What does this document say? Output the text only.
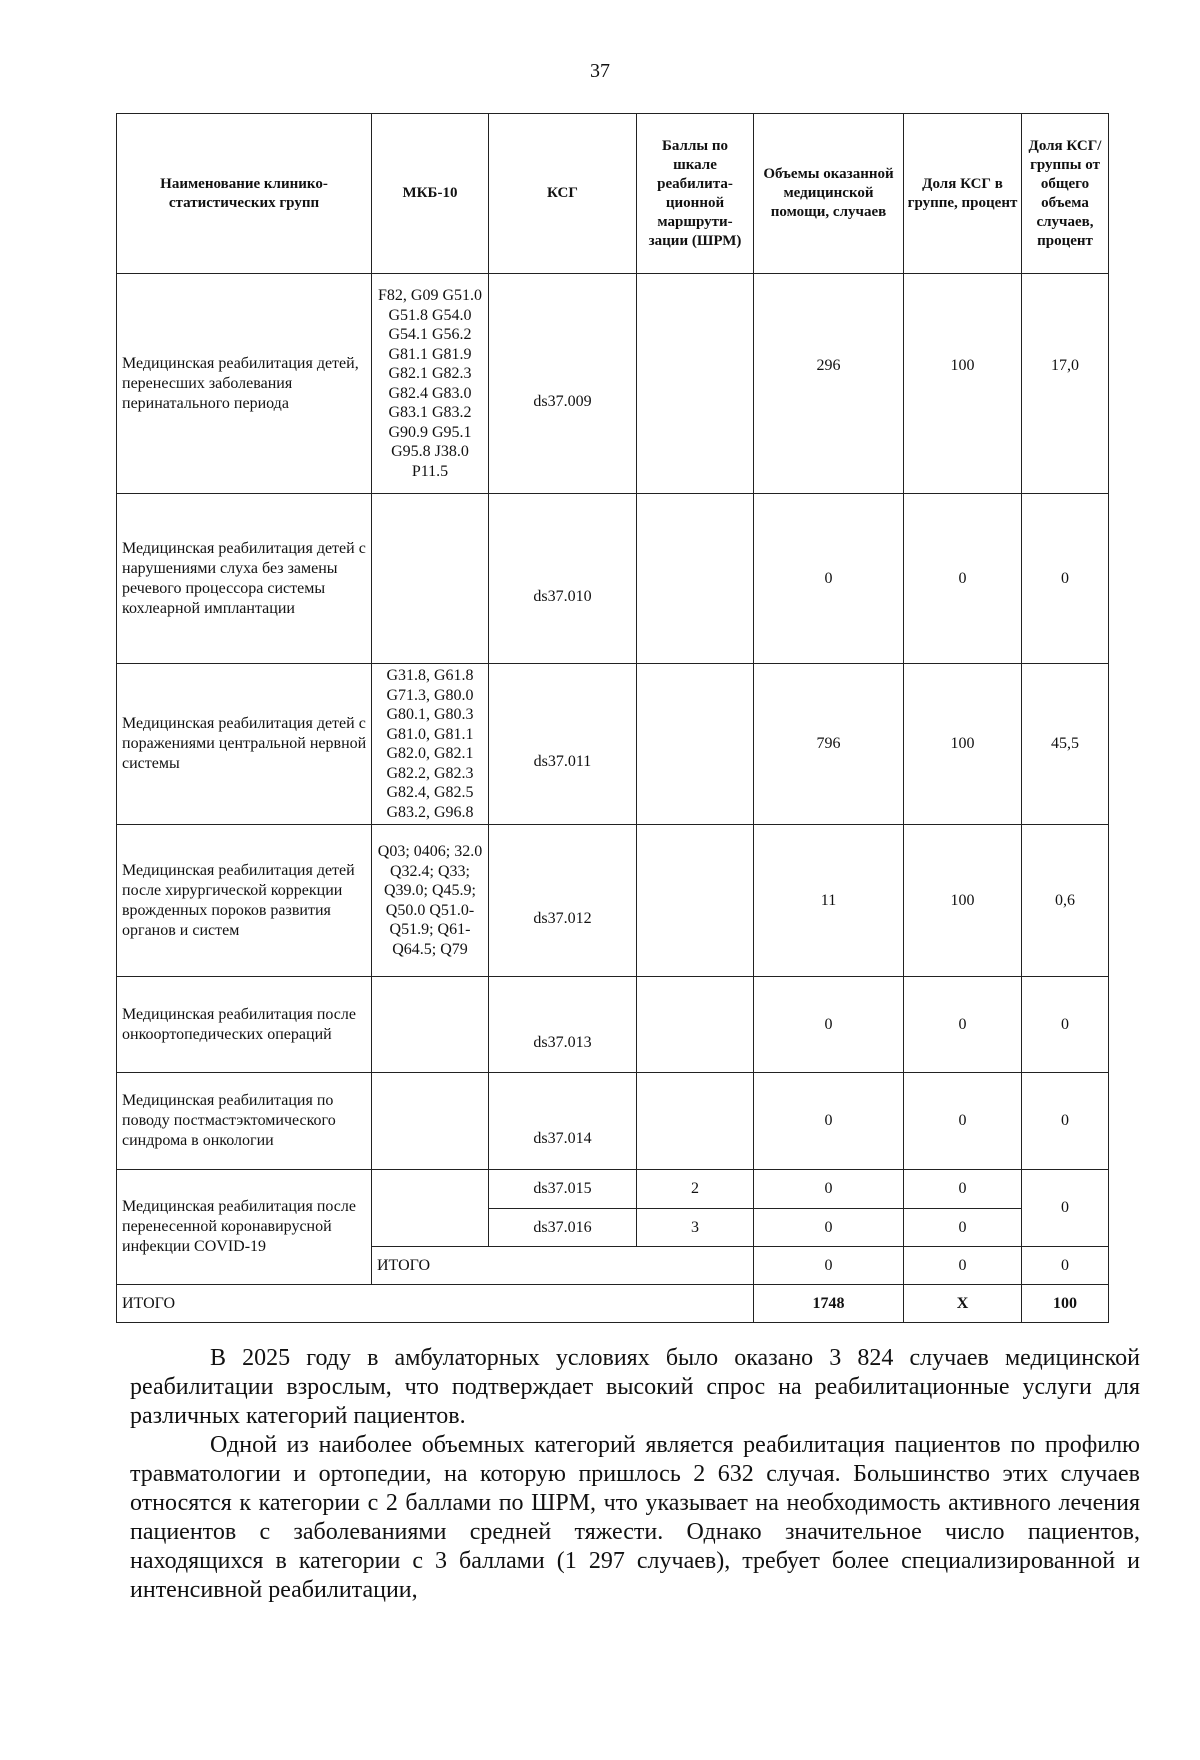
37
Наименование клинико-статистических групп	МКБ-10	КСГ	Баллы по шкале реабилита-ционной маршрути-зации (ШРМ)	Объемы оказанной медицинской помощи, случаев	Доля КСГ в группе, процент	Доля КСГ/ группы от общего объема случаев, процент
Медицинская реабилитация детей, перенесших заболевания перинатального периода	F82, G09 G51.0 G51.8 G54.0 G54.1 G56.2 G81.1 G81.9 G82.1 G82.3 G82.4 G83.0 G83.1 G83.2 G90.9 G95.1 G95.8 J38.0 P11.5	ds37.009		296	100	17,0
Медицинская реабилитация детей с нарушениями слуха без замены речевого процессора системы кохлеарной имплантации		ds37.010		0	0	0
Медицинская реабилитация детей с поражениями центральной нервной системы	G31.8, G61.8 G71.3, G80.0 G80.1, G80.3 G81.0, G81.1 G82.0, G82.1 G82.2, G82.3 G82.4, G82.5 G83.2, G96.8	ds37.011		796	100	45,5
Медицинская реабилитация детей после хирургической коррекции врожденных пороков развития органов и систем	Q03; 0406; 32.0 Q32.4; Q33; Q39.0; Q45.9; Q50.0 Q51.0-Q51.9; Q61-Q64.5; Q79	ds37.012		11	100	0,6
Медицинская реабилитация после онкоортопедических операций		ds37.013		0	0	0
Медицинская реабилитация по поводу постмастэктомического синдрома в онкологии		ds37.014		0	0	0
Медицинская реабилитация после перенесенной коронавирусной инфекции COVID-19		ds37.015	2	0	0	0
		ds37.016	3	0	0	
	ИТОГО			0	0	0
ИТОГО				1748	Х	100

В 2025 году в амбулаторных условиях было оказано 3 824 случаев медицинской реабилитации взрослым, что подтверждает высокий спрос на реабилитационные услуги для различных категорий пациентов.

Одной из наиболее объемных категорий является реабилитация пациентов по профилю травматологии и ортопедии, на которую пришлось 2 632 случая. Большинство этих случаев относятся к категории с 2 баллами по ШРМ, что указывает на необходимость активного лечения пациентов с заболеваниями средней тяжести. Однако значительное число пациентов, находящихся в категории с 3 баллами (1 297 случаев), требует более специализированной и интенсивной реабилитации,
